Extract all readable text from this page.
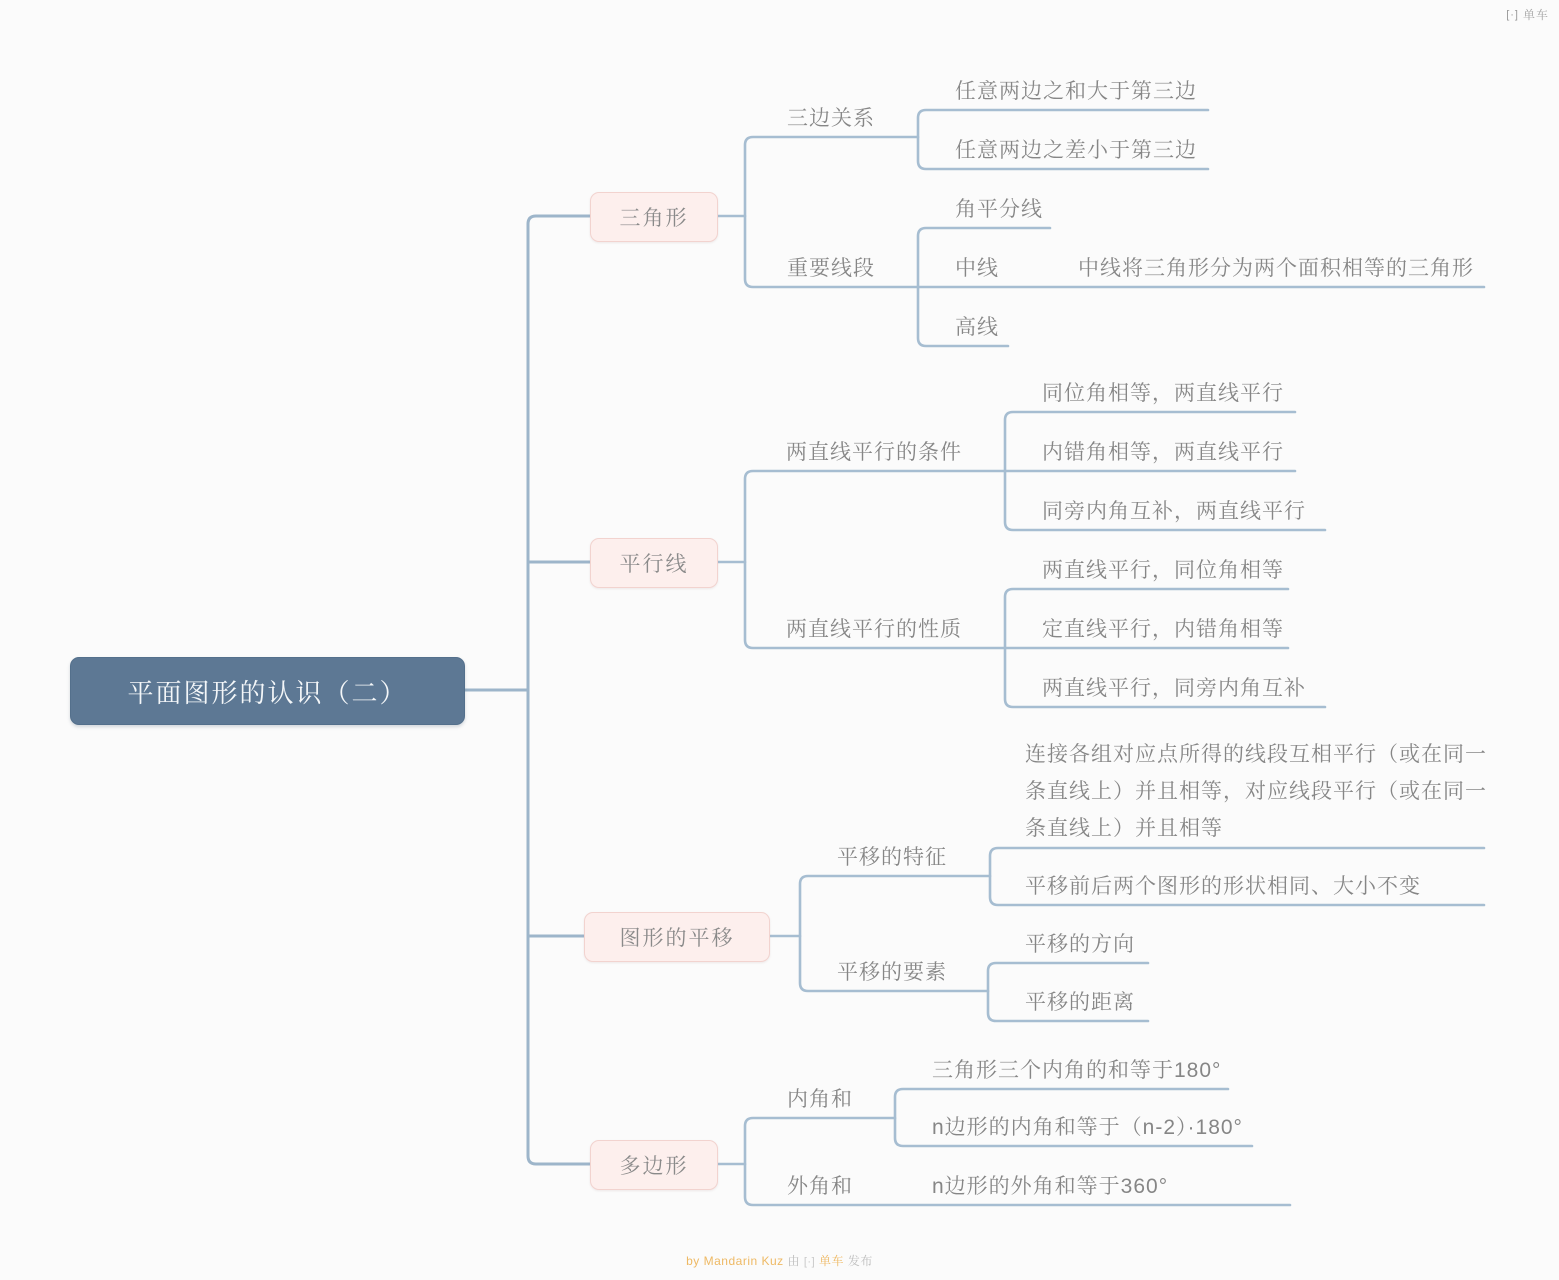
平面图形的认识（二）
三角形
平行线
图形的平移
多边形
三边关系
任意两边之和大于第三边
任意两边之差小于第三边
重要线段
角平分线
中线	中线将三角形分为两个面积相等的三角形
高线
两直线平行的条件
同位角相等，两直线平行
内错角相等，两直线平行
同旁内角互补，两直线平行
两直线平行的性质
两直线平行，同位角相等
定直线平行，内错角相等
两直线平行，同旁内角互补
平移的特征
连接各组对应点所得的线段互相平行（或在同一条直线上）并且相等，对应线段平行（或在同一条直线上）并且相等
平移前后两个图形的形状相同、大小不变
平移的要素
平移的方向
平移的距离
内角和
三角形三个内角的和等于180°
n边形的内角和等于（n-2）·180°
外角和	n边形的外角和等于360°
[·] 单车
by Mandarin Kuz 由 [·] 单车 发布
